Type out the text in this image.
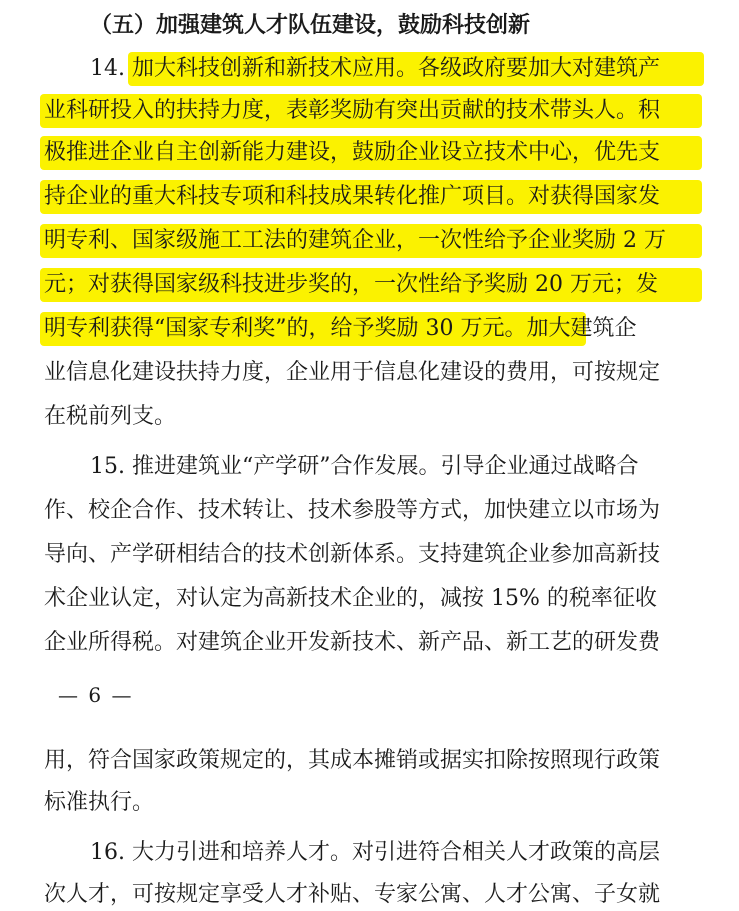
（五）加强建筑人才队伍建设，鼓励科技创新
14. 加大科技创新和新技术应用。各级政府要加大对建筑产
业科研投入的扶持力度，表彰奖励有突出贡献的技术带头人。积
极推进企业自主创新能力建设，鼓励企业设立技术中心，优先支
持企业的重大科技专项和科技成果转化推广项目。对获得国家发
明专利、国家级施工工法的建筑企业，一次性给予企业奖励 2 万
元；对获得国家级科技进步奖的，一次性给予奖励 20 万元；发
明专利获得“国家专利奖”的，给予奖励 30 万元。加大建筑企
业信息化建设扶持力度，企业用于信息化建设的费用，可按规定
在税前列支。
15. 推进建筑业“产学研”合作发展。引导企业通过战略合
作、校企合作、技术转让、技术参股等方式，加快建立以市场为
导向、产学研相结合的技术创新体系。支持建筑企业参加高新技
术企业认定，对认定为高新技术企业的，减按 15% 的税率征收
企业所得税。对建筑企业开发新技术、新产品、新工艺的研发费
— 6 —
用，符合国家政策规定的，其成本摊销或据实扣除按照现行政策
标准执行。
16. 大力引进和培养人才。对引进符合相关人才政策的高层
次人才，可按规定享受人才补贴、专家公寓、人才公寓、子女就
